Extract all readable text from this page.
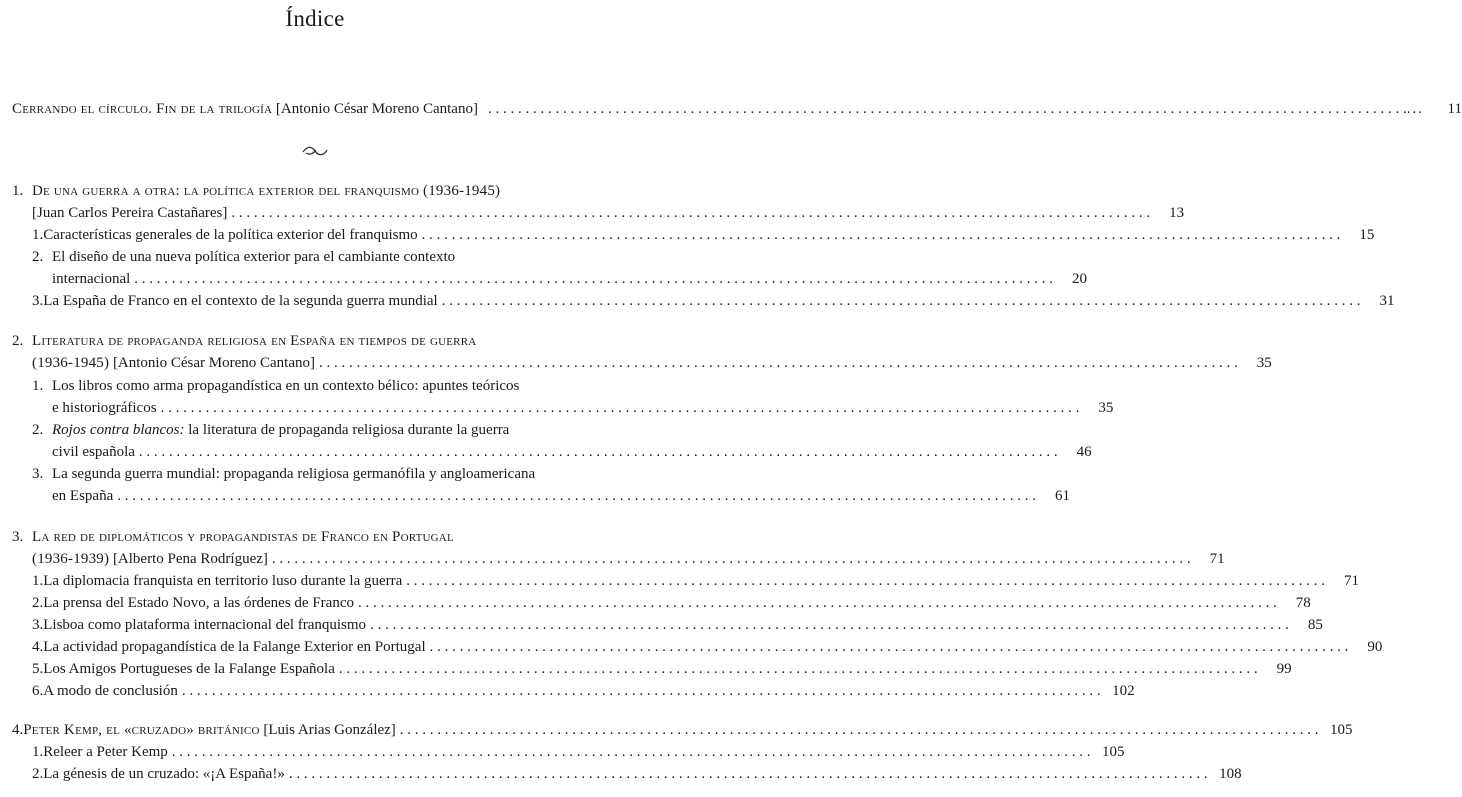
Índice
Cerrando el círculo. Fin de la trilogía [Antonio César Moreno Cantano]	. . . ...	11
1. De una guerra a otra: la política exterior del franquismo (1936-1945)
[Juan Carlos Pereira Castañares] . . .	13
1. Características generales de la política exterior del franquismo . . .	15
2. El diseño de una nueva política exterior para el cambiante contexto
internacional . . .	20
3. La España de Franco en el contexto de la segunda guerra mundial . . .	31
2. Literatura de propaganda religiosa en España en tiempos de guerra
(1936-1945) [Antonio César Moreno Cantano] . . .	35
1. Los libros como arma propagandística en un contexto bélico: apuntes teóricos
e historiográficos . . .	35
2. Rojos contra blancos: la literatura de propaganda religiosa durante la guerra
civil española . . .	46
3. La segunda guerra mundial: propaganda religiosa germanófila y angloamericana
en España . . .	61
3. La red de diplomáticos y propagandistas de Franco en Portugal
(1936-1939) [Alberto Pena Rodríguez] . . .	71
1. La diplomacia franquista en territorio luso durante la guerra . . .	71
2. La prensa del Estado Novo, a las órdenes de Franco . . .	78
3. Lisboa como plataforma internacional del franquismo . . .	85
4. La actividad propagandística de la Falange Exterior en Portugal . . .	90
5. Los Amigos Portugueses de la Falange Española . . .	99
6. A modo de conclusión . . .	102
4. Peter Kemp, el «cruzado» británico [Luis Arias González] . . .	105
1. Releer a Peter Kemp . . .	105
2. La génesis de un cruzado: «¡A España!» . . .	108
